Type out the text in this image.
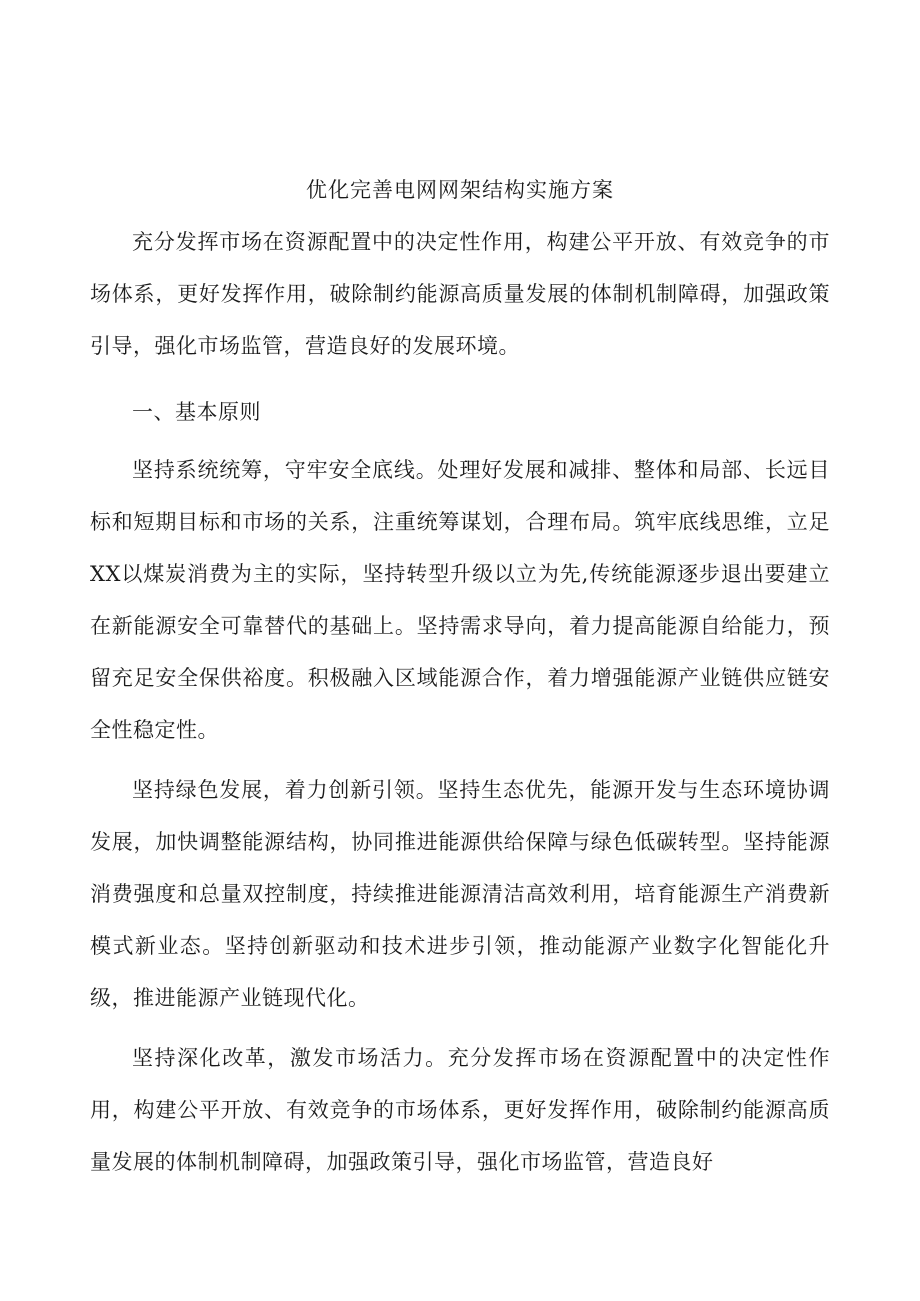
优化完善电网网架结构实施方案

充分发挥市场在资源配置中的决定性作用，构建公平开放、有效竞争的市场体系，更好发挥作用，破除制约能源高质量发展的体制机制障碍，加强政策引导，强化市场监管，营造良好的发展环境。

一、基本原则

坚持系统统筹，守牢安全底线。处理好发展和减排、整体和局部、长远目标和短期目标和市场的关系，注重统筹谋划，合理布局。筑牢底线思维，立足XX以煤炭消费为主的实际，坚持转型升级以立为先,传统能源逐步退出要建立在新能源安全可靠替代的基础上。坚持需求导向，着力提高能源自给能力，预留充足安全保供裕度。积极融入区域能源合作，着力增强能源产业链供应链安全性稳定性。

坚持绿色发展，着力创新引领。坚持生态优先，能源开发与生态环境协调发展，加快调整能源结构，协同推进能源供给保障与绿色低碳转型。坚持能源消费强度和总量双控制度，持续推进能源清洁高效利用，培育能源生产消费新模式新业态。坚持创新驱动和技术进步引领，推动能源产业数字化智能化升级，推进能源产业链现代化。

坚持深化改革，激发市场活力。充分发挥市场在资源配置中的决定性作用，构建公平开放、有效竞争的市场体系，更好发挥作用，破除制约能源高质量发展的体制机制障碍，加强政策引导，强化市场监管，营造良好
